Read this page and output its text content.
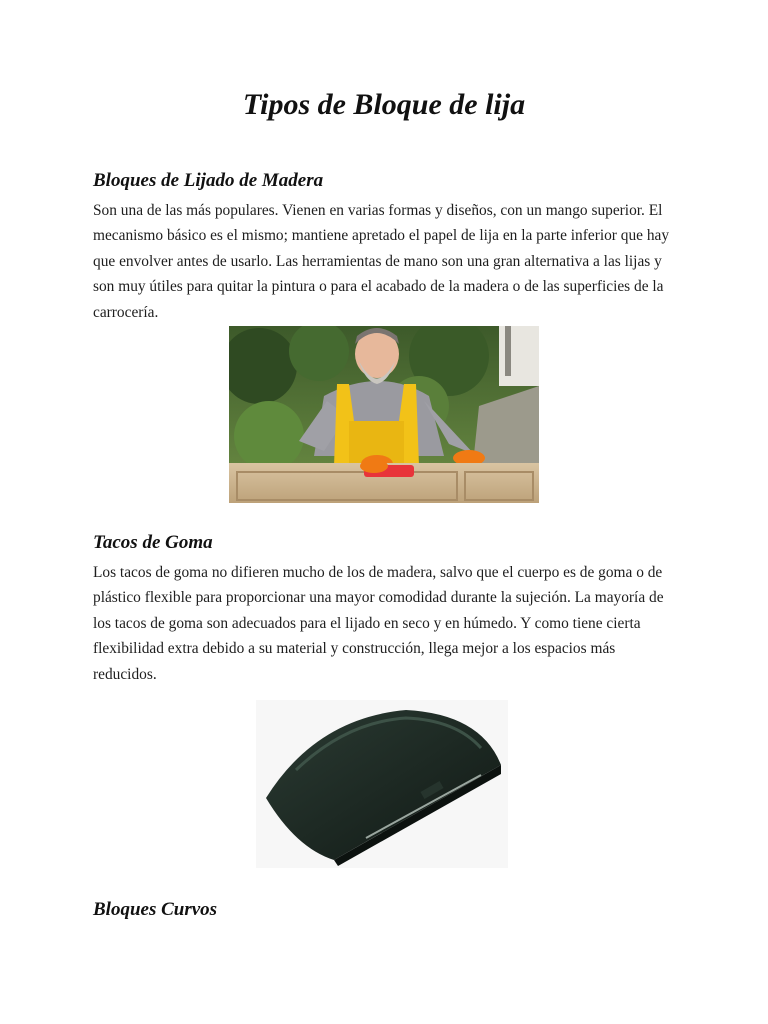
Tipos de Bloque de lija
Bloques de Lijado de Madera

Son una de las más populares. Vienen en varias formas y diseños, con un mango superior. El mecanismo básico es el mismo; mantiene apretado el papel de lija en la parte inferior que hay que envolver antes de usarlo. Las herramientas de mano son una gran alternativa a las lijas y son muy útiles para quitar la pintura o para el acabado de la madera o de las superficies de la carrocería.

Tacos de Goma

Los tacos de goma no difieren mucho de los de madera, salvo que el cuerpo es de goma o de plástico flexible para proporcionar una mayor comodidad durante la sujeción. La mayoría de los tacos de goma son adecuados para el lijado en seco y en húmedo. Y como tiene cierta flexibilidad extra debido a su material y construcción, llega mejor a los espacios más reducidos.

Bloques Curvos
